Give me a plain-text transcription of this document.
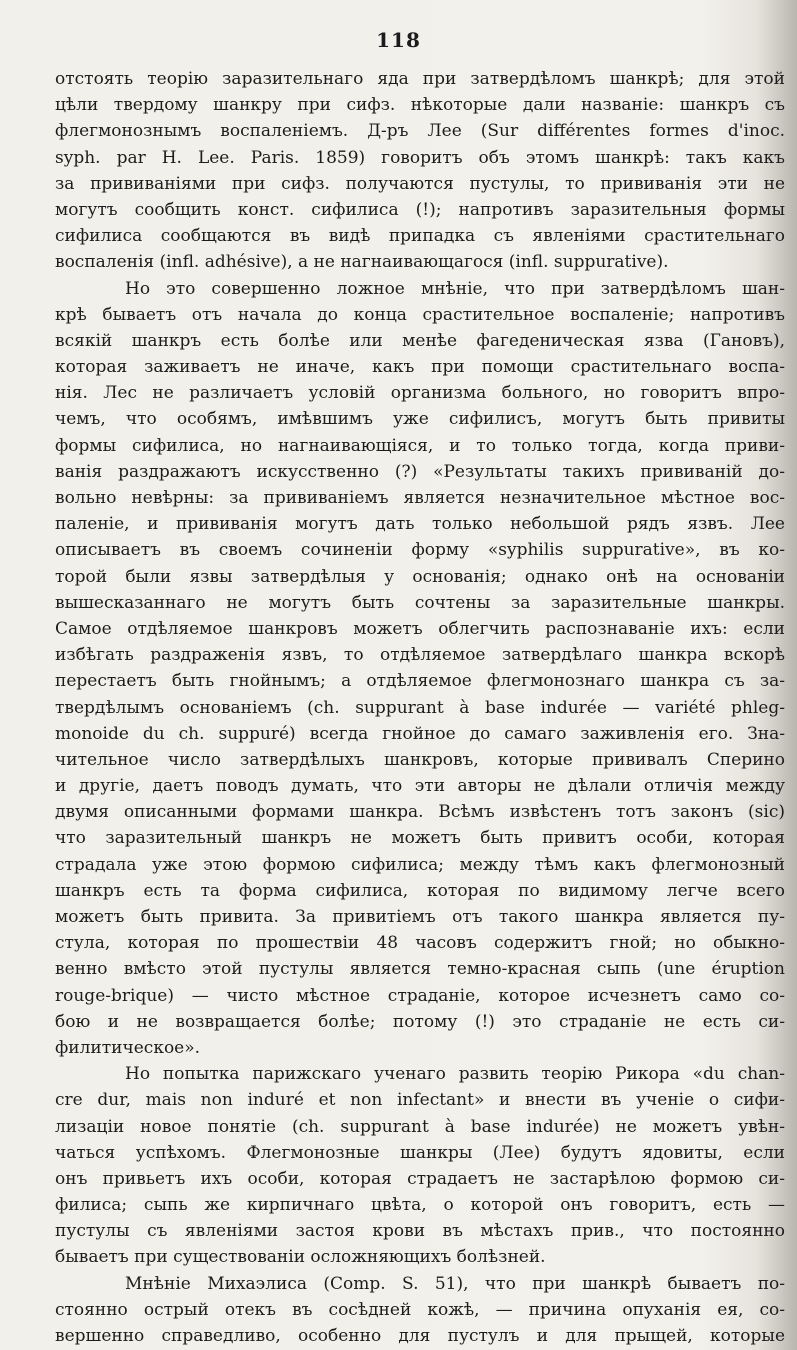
118
отстоять теорію заразительнаго яда при затвердѣломъ шанкрѣ; для этой
цѣли твердому шанкру при сифз. нѣкоторые дали названіе: шанкръ съ
флегмонознымъ воспаленіемъ. Д-ръ Лее (Sur différentes formes d'inoc.
syph. par H. Lee. Paris. 1859) говоритъ объ этомъ шанкрѣ: такъ какъ
за прививаніями при сифз. получаются пустулы, то прививанія эти не
могутъ сообщить конст. сифилиса (!); напротивъ заразительныя формы
сифилиса сообщаются въ видѣ припадка съ явленіями срастительнаго
воспаленія (infl. adhésive), а не нагнаивающагося (infl. suppurative).
Но это совершенно ложное мнѣніе, что при затвердѣломъ шан-
крѣ бываетъ отъ начала до конца срастительное воспаленіе; напротивъ
всякій шанкръ есть болѣе или менѣе фагеденическая язва (Гановъ),
которая заживаетъ не иначе, какъ при помощи срастительнаго воспа-
нія. Лес не различаетъ условій организма больного, но говоритъ впро-
чемъ, что особямъ, имѣвшимъ уже сифилисъ, могутъ быть привиты
формы сифилиса, но нагнаивающіяся, и то только тогда, когда приви-
ванія раздражаютъ искусственно (?) «Результаты такихъ прививаній до-
вольно невѣрны: за прививаніемъ является незначительное мѣстное вос-
паленіе, и прививанія могутъ дать только небольшой рядъ язвъ. Лее
описываетъ въ своемъ сочиненіи форму «syphilis suppurative», въ ко-
торой были язвы затвердѣлыя у основанія; однако онѣ на основаніи
вышесказаннаго не могутъ быть сочтены за заразительные шанкры.
Самое отдѣляемое шанкровъ можетъ облегчить распознаваніе ихъ: если
избѣгать раздраженія язвъ, то отдѣляемое затвердѣлаго шанкра вскорѣ
перестаетъ быть гнойнымъ; а отдѣляемое флегмонознаго шанкра съ за-
твердѣлымъ основаніемъ (ch. suppurant à base indurée — variété phleg-
monoide du ch. suppuré) всегда гнойное до самаго заживленія его. Зна-
чительное число затвердѣлыхъ шанкровъ, которые прививалъ Сперино
и другіе, даетъ поводъ думать, что эти авторы не дѣлали отличія между
двумя описанными формами шанкра. Всѣмъ извѣстенъ тотъ законъ (sic)
что заразительный шанкръ не можетъ быть привитъ особи, которая
страдала уже этою формою сифилиса; между тѣмъ какъ флегмонозный
шанкръ есть та форма сифилиса, которая по видимому легче всего
можетъ быть привита. За привитіемъ отъ такого шанкра является пу-
стула, которая по прошествіи 48 часовъ содержитъ гной; но обыкно-
венно вмѣсто этой пустулы является темно-красная сыпь (une éruption
rouge-brique) — чисто мѣстное страданіе, которое исчезнетъ само со-
бою и не возвращается болѣе; потому (!) это страданіе не есть си-
филитическое».
Но попытка парижскаго ученаго развить теорію Рикора «du chan-
cre dur, mais non induré et non infectant» и внести въ ученіе о сифи-
лизаціи новое понятіе (ch. suppurant à base indurée) не можетъ увѣн-
чаться успѣхомъ. Флегмонозные шанкры (Лее) будутъ ядовиты, если
онъ привьетъ ихъ особи, которая страдаетъ не застарѣлою формою си-
филиса; сыпь же кирпичнаго цвѣта, о которой онъ говоритъ, есть —
пустулы съ явленіями застоя крови въ мѣстахъ прив., что постоянно
бываетъ при существованіи осложняющихъ болѣзней.
Мнѣніе Михаэлиса (Comp. S. 51), что при шанкрѣ бываетъ по-
стоянно острый отекъ въ сосѣдней кожѣ, — причина опуханія ея, со-
вершенно справедливо, особенно для пустулъ и для прыщей, которые
